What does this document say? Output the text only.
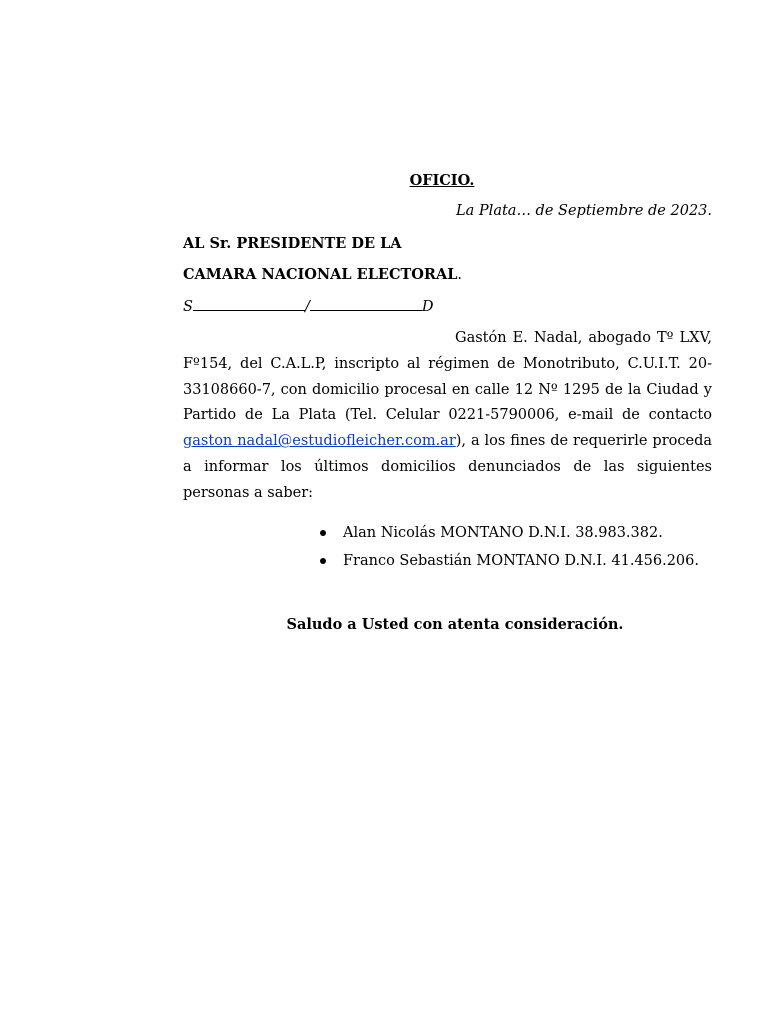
OFICIO.
La Plata… de Septiembre de 2023.
AL Sr. PRESIDENTE DE LA
CAMARA NACIONAL ELECTORAL.
S	/	D
Gastón E. Nadal, abogado Tº LXV, Fº154, del C.A.L.P, inscripto al régimen de Monotributo, C.U.I.T. 20-33108660-7, con domicilio procesal en calle 12 Nº 1295 de la Ciudad y Partido de La Plata (Tel. Celular 0221-5790006, e-mail de contacto gaston nadal@estudiofleicher.com.ar), a los fines de requerirle proceda a informar los últimos domicilios denunciados de las siguientes personas a saber:
Alan Nicolás MONTANO D.N.I. 38.983.382.
Franco Sebastián MONTANO D.N.I. 41.456.206.
Saludo a Usted con atenta consideración.
